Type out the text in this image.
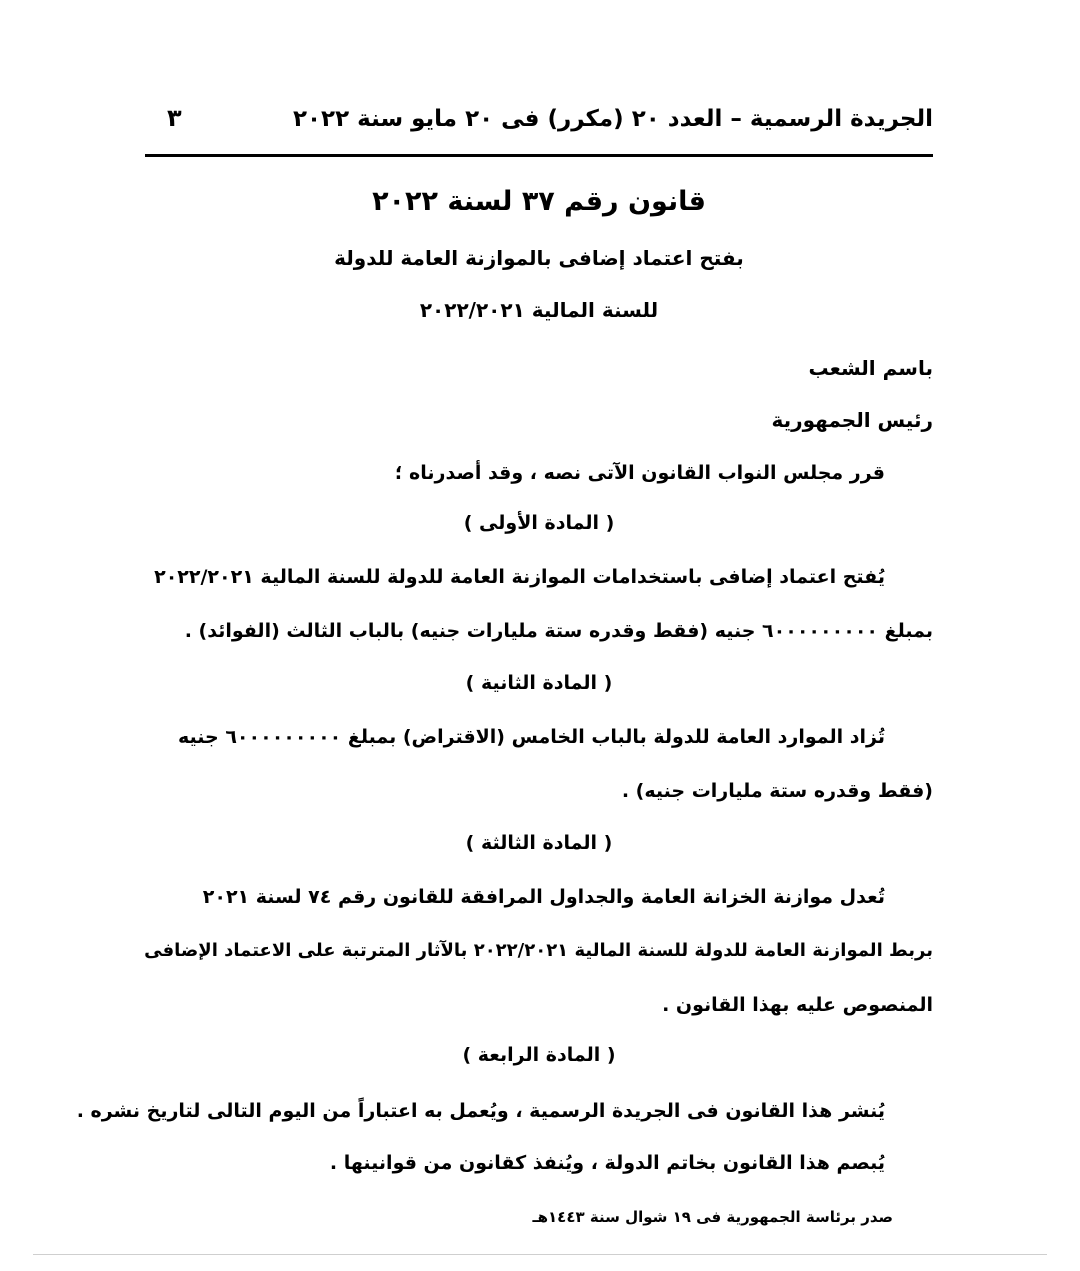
الجريدة الرسمية – العدد ٢٠ (مكرر) فى ٢٠ مايو سنة ٢٠٢٢
٣
قانون رقم ٣٧ لسنة ٢٠٢٢
بفتح اعتماد إضافى بالموازنة العامة للدولة
للسنة المالية ٢٠٢٢/٢٠٢١
باسم الشعب
رئيس الجمهورية
قرر مجلس النواب القانون الآتى نصه ، وقد أصدرناه ؛
( المادة الأولى )
يُفتح اعتماد إضافى باستخدامات الموازنة العامة للدولة للسنة المالية ٢٠٢٢/٢٠٢١
بمبلغ ٦٠٠٠٠٠٠٠٠٠ جنيه (فقط وقدره ستة مليارات جنيه) بالباب الثالث (الفوائد) .
( المادة الثانية )
تُزاد الموارد العامة للدولة بالباب الخامس (الاقتراض) بمبلغ ٦٠٠٠٠٠٠٠٠٠ جنيه
(فقط وقدره ستة مليارات جنيه) .
( المادة الثالثة )
تُعدل موازنة الخزانة العامة والجداول المرافقة للقانون رقم ٧٤ لسنة ٢٠٢١
بربط الموازنة العامة للدولة للسنة المالية ٢٠٢٢/٢٠٢١ بالآثار المترتبة على الاعتماد الإضافى
المنصوص عليه بهذا القانون .
( المادة الرابعة )
يُنشر هذا القانون فى الجريدة الرسمية ، ويُعمل به اعتباراً من اليوم التالى لتاريخ نشره .
يُبصم هذا القانون بخاتم الدولة ، ويُنفذ كقانون من قوانينها .
صدر برئاسة الجمهورية فى ١٩ شوال سنة ١٤٤٣هـ
